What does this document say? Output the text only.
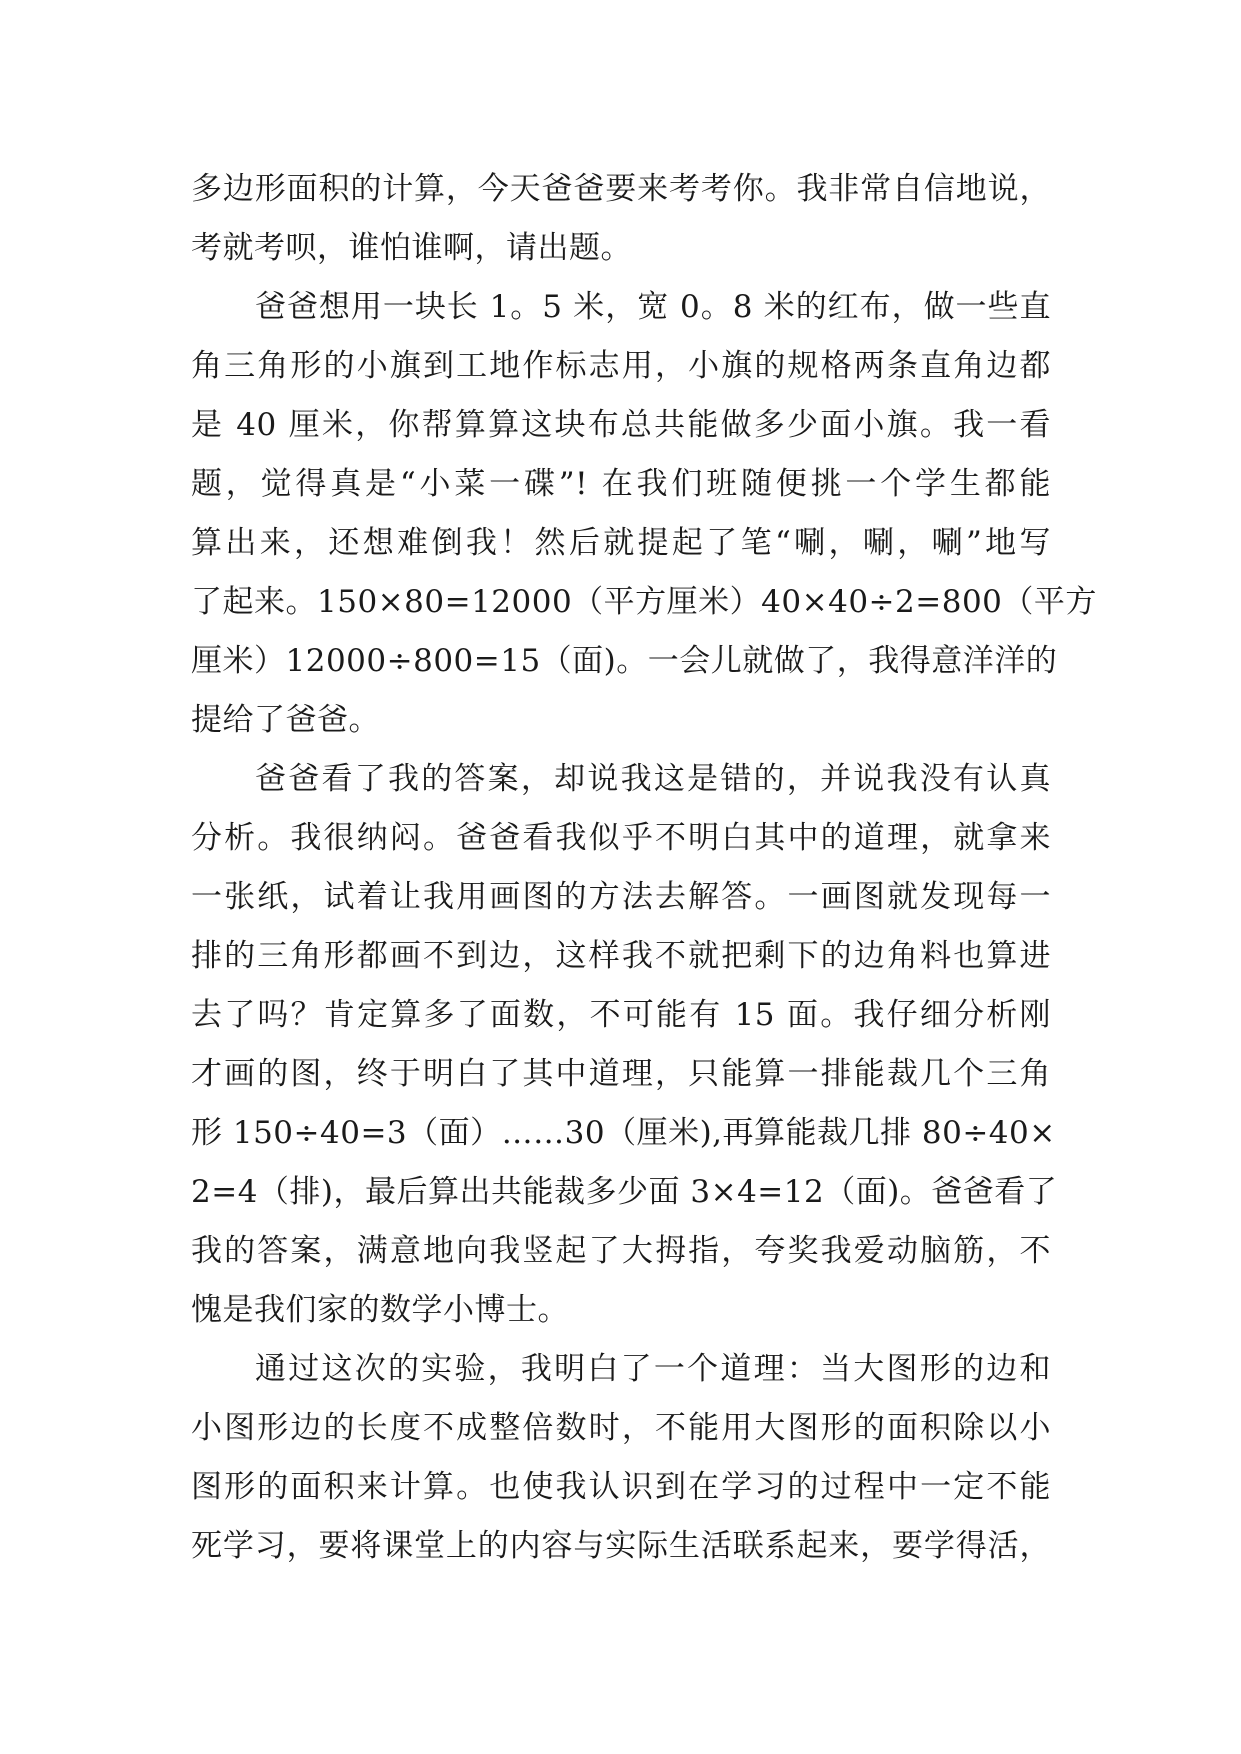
多边形面积的计算，今天爸爸要来考考你。我非常自信地说，
考就考呗，谁怕谁啊，请出题。
爸爸想用一块长 1。5 米，宽 0。8 米的红布，做一些直
角三角形的小旗到工地作标志用，小旗的规格两条直角边都
是 40 厘米，你帮算算这块布总共能做多少面小旗。我一看
题，觉得真是“小菜一碟”! 在我们班随便挑一个学生都能
算出来，还想难倒我！然后就提起了笔“唰，唰，唰”地写
了起来。150×80=12000（平方厘米）40×40÷2=800（平方
厘米）12000÷800=15（面)。一会儿就做了，我得意洋洋的
提给了爸爸。
爸爸看了我的答案，却说我这是错的，并说我没有认真
分析。我很纳闷。爸爸看我似乎不明白其中的道理，就拿来
一张纸，试着让我用画图的方法去解答。一画图就发现每一
排的三角形都画不到边，这样我不就把剩下的边角料也算进
去了吗？肯定算多了面数，不可能有 15 面。我仔细分析刚
才画的图，终于明白了其中道理，只能算一排能裁几个三角
形 150÷40=3（面）……30（厘米),再算能裁几排 80÷40×
2=4（排)，最后算出共能裁多少面 3×4=12（面)。爸爸看了
我的答案，满意地向我竖起了大拇指，夸奖我爱动脑筋，不
愧是我们家的数学小博士。
通过这次的实验，我明白了一个道理：当大图形的边和
小图形边的长度不成整倍数时，不能用大图形的面积除以小
图形的面积来计算。也使我认识到在学习的过程中一定不能
死学习，要将课堂上的内容与实际生活联系起来，要学得活，
